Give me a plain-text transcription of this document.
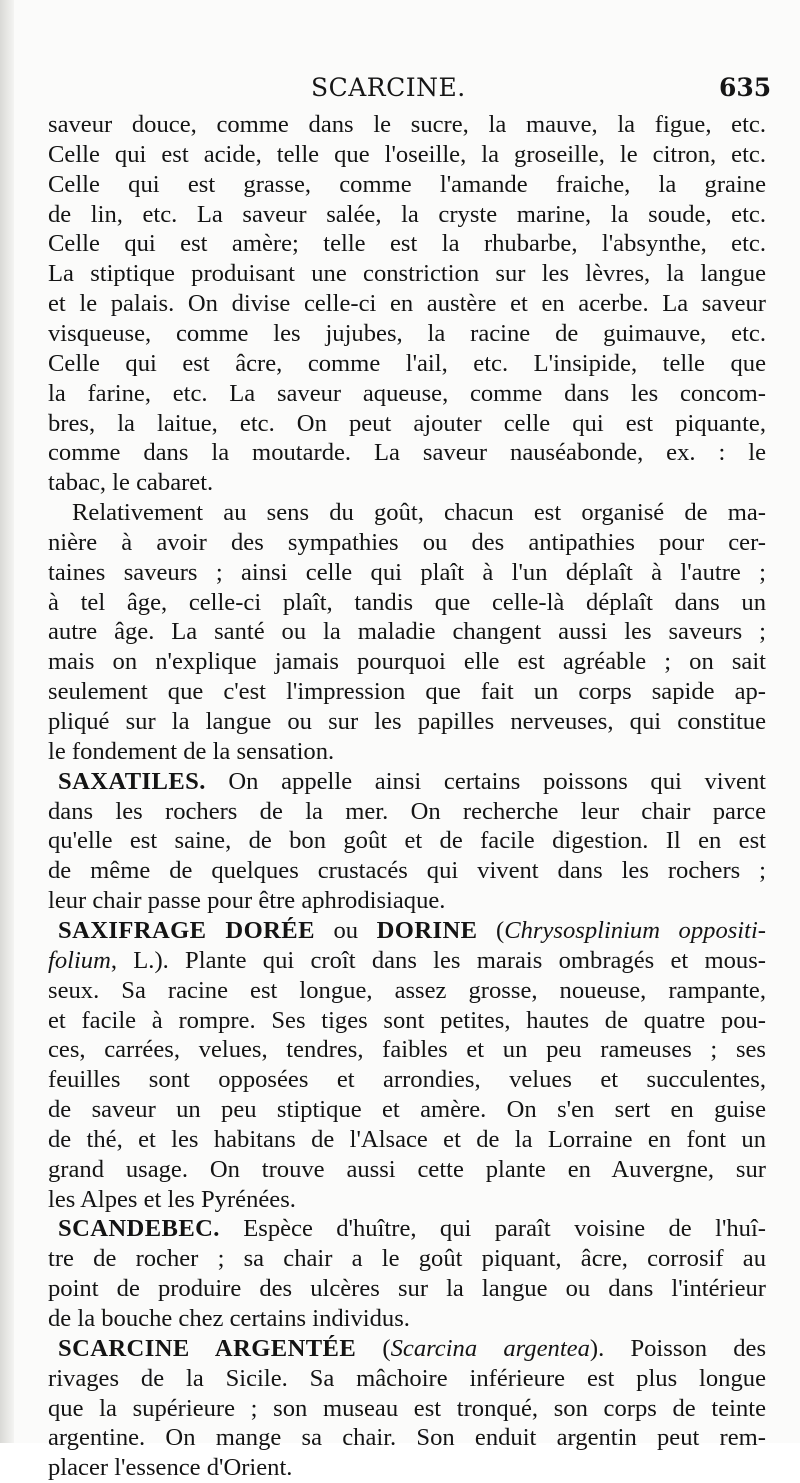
SCARCINE.	635
saveur douce, comme dans le sucre, la mauve, la figue, etc.
Celle qui est acide, telle que l'oseille, la groseille, le citron, etc.
Celle qui est grasse, comme l'amande fraiche, la graine
de lin, etc. La saveur salée, la cryste marine, la soude, etc.
Celle qui est amère; telle est la rhubarbe, l'absynthe, etc.
La stiptique produisant une constriction sur les lèvres, la langue
et le palais. On divise celle-ci en austère et en acerbe. La saveur
visqueuse, comme les jujubes, la racine de guimauve, etc.
Celle qui est âcre, comme l'ail, etc. L'insipide, telle que
la farine, etc. La saveur aqueuse, comme dans les concom-
bres, la laitue, etc. On peut ajouter celle qui est piquante,
comme dans la moutarde. La saveur nauséabonde, ex. : le
tabac, le cabaret.
Relativement au sens du goût, chacun est organisé de ma-
nière à avoir des sympathies ou des antipathies pour cer-
taines saveurs ; ainsi celle qui plaît à l'un déplaît à l'autre ;
à tel âge, celle-ci plaît, tandis que celle-là déplaît dans un
autre âge. La santé ou la maladie changent aussi les saveurs ;
mais on n'explique jamais pourquoi elle est agréable ; on sait
seulement que c'est l'impression que fait un corps sapide ap-
pliqué sur la langue ou sur les papilles nerveuses, qui constitue
le fondement de la sensation.
SAXATILES. On appelle ainsi certains poissons qui vivent
dans les rochers de la mer. On recherche leur chair parce
qu'elle est saine, de bon goût et de facile digestion. Il en est
de même de quelques crustacés qui vivent dans les rochers ;
leur chair passe pour être aphrodisiaque.
SAXIFRAGE DORÉE ou DORINE (Chrysosplinium oppositi-
folium, L.). Plante qui croît dans les marais ombragés et mous-
seux. Sa racine est longue, assez grosse, noueuse, rampante,
et facile à rompre. Ses tiges sont petites, hautes de quatre pou-
ces, carrées, velues, tendres, faibles et un peu rameuses ; ses
feuilles sont opposées et arrondies, velues et succulentes,
de saveur un peu stiptique et amère. On s'en sert en guise
de thé, et les habitans de l'Alsace et de la Lorraine en font un
grand usage. On trouve aussi cette plante en Auvergne, sur
les Alpes et les Pyrénées.
SCANDEBEC. Espèce d'huître, qui paraît voisine de l'huî-
tre de rocher ; sa chair a le goût piquant, âcre, corrosif au
point de produire des ulcères sur la langue ou dans l'intérieur
de la bouche chez certains individus.
SCARCINE ARGENTÉE (Scarcina argentea). Poisson des
rivages de la Sicile. Sa mâchoire inférieure est plus longue
que la supérieure ; son museau est tronqué, son corps de teinte
argentine. On mange sa chair. Son enduit argentin peut rem-
placer l'essence d'Orient.
